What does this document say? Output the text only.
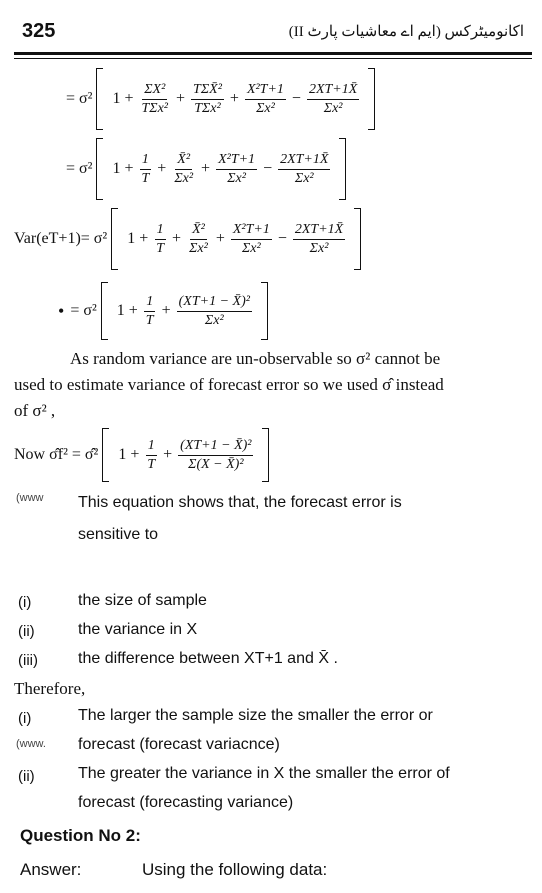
325	اکانومیٹرکس (ایم اے معاشیات پارٹ II)
= σ² $1 + \frac{\text{ΣX²}}{\text{TΣx²}} + \frac{\text{TΣX̄²}}{\text{TΣx²}} + \frac{\text{X²T+1}}{\text{Σx²}} - \frac{2XT+1X̄}{\text{Σx²}}$
= σ² $1 + \frac{1}{T} + \frac{\text{X̄²}}{\text{Σx²}} + \frac{\text{X²T+1}}{\text{Σx²}} - \frac{2XT+1X̄}{\text{Σx²}}$
Var(eT+1)= σ² $1 + \frac{1}{T} + \frac{\text{X̄²}}{\text{Σx²}} + \frac{\text{X²T+1}}{\text{Σx²}} - \frac{2XT+1X̄}{\text{Σx²}}$
• = σ² $1 + \frac{1}{T} + \frac{\text{(XT+1 − X̄)²}}{\text{Σx²}}$
As random variance are un-observable so σ² cannot be
used to estimate variance of forecast error so we used σ̂ instead
of σ² ,
Now σ̂f² = σ̂² $1 + \frac{1}{T} + \frac{\text{(XT+1 − X̄)²}}{\text{Σ(X − X̄)²}}$
(www This equation shows that, the forecast error is
sensitive to
(i)	the size of sample
(ii)	the variance in X
(iii)	the difference between XT+1 and X̄ .
Therefore,
(i)	The larger the sample size the smaller the error or
(www. forecast (forecast variacnce)
(ii)	The greater the variance in X the smaller the error of
forecast (forecasting variance)
Question No 2:
Answer:	Using the following data:
